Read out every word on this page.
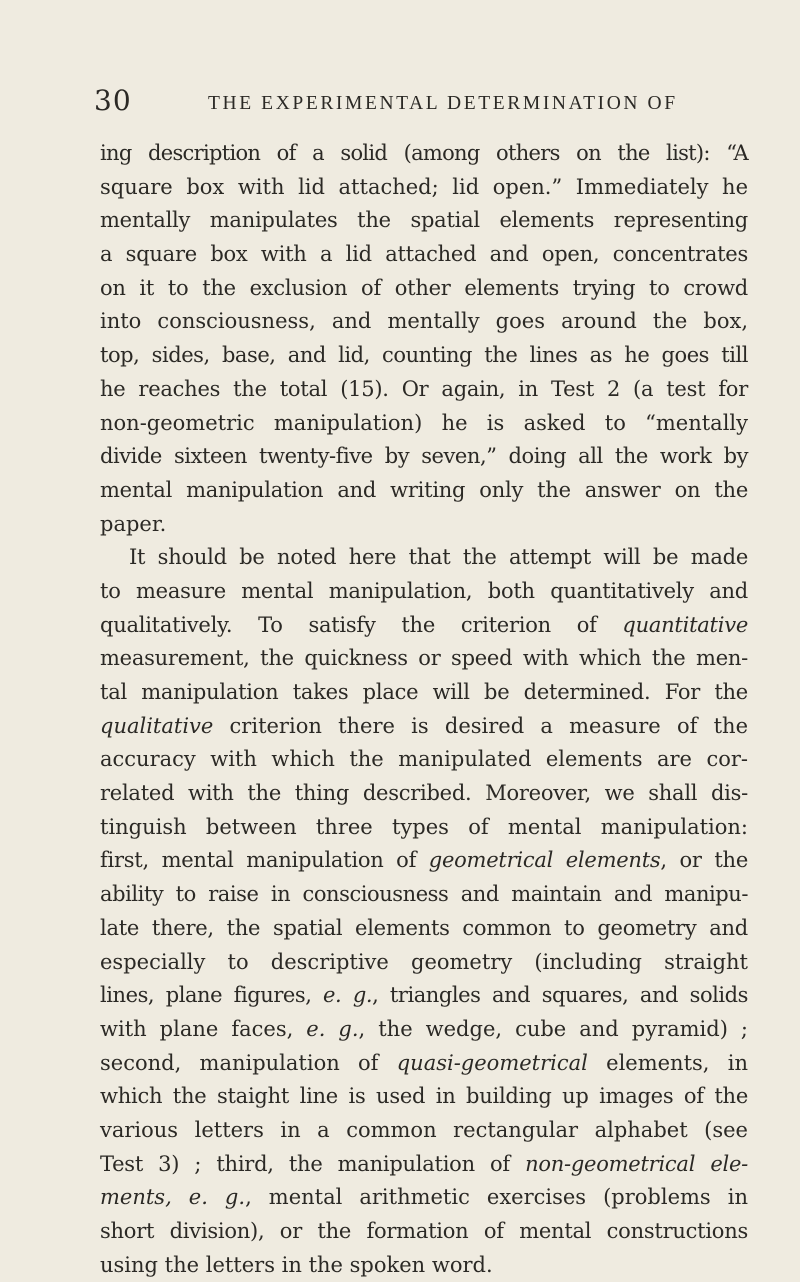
30	THE EXPERIMENTAL DETERMINATION OF
ing description of a solid (among others on the list): “A
square box with lid attached; lid open.” Immediately he
mentally manipulates the spatial elements representing
a square box with a lid attached and open, concentrates
on it to the exclusion of other elements trying to crowd
into consciousness, and mentally goes around the box,
top, sides, base, and lid, counting the lines as he goes till
he reaches the total (15). Or again, in Test 2 (a test for
non-geometric manipulation) he is asked to “mentally
divide sixteen twenty-five by seven,” doing all the work by
mental manipulation and writing only the answer on the
paper.
It should be noted here that the attempt will be made
to measure mental manipulation, both quantitatively and
qualitatively. To satisfy the criterion of quantitative
measurement, the quickness or speed with which the men-
tal manipulation takes place will be determined. For the
qualitative criterion there is desired a measure of the
accuracy with which the manipulated elements are cor-
related with the thing described. Moreover, we shall dis-
tinguish between three types of mental manipulation:
first, mental manipulation of geometrical elements, or the
ability to raise in consciousness and maintain and manipu-
late there, the spatial elements common to geometry and
especially to descriptive geometry (including straight
lines, plane figures, e. g., triangles and squares, and solids
with plane faces, e. g., the wedge, cube and pyramid) ;
second, manipulation of quasi-geometrical elements, in
which the staight line is used in building up images of the
various letters in a common rectangular alphabet (see
Test 3) ; third, the manipulation of non-geometrical ele-
ments, e. g., mental arithmetic exercises (problems in
short division), or the formation of mental constructions
using the letters in the spoken word.
